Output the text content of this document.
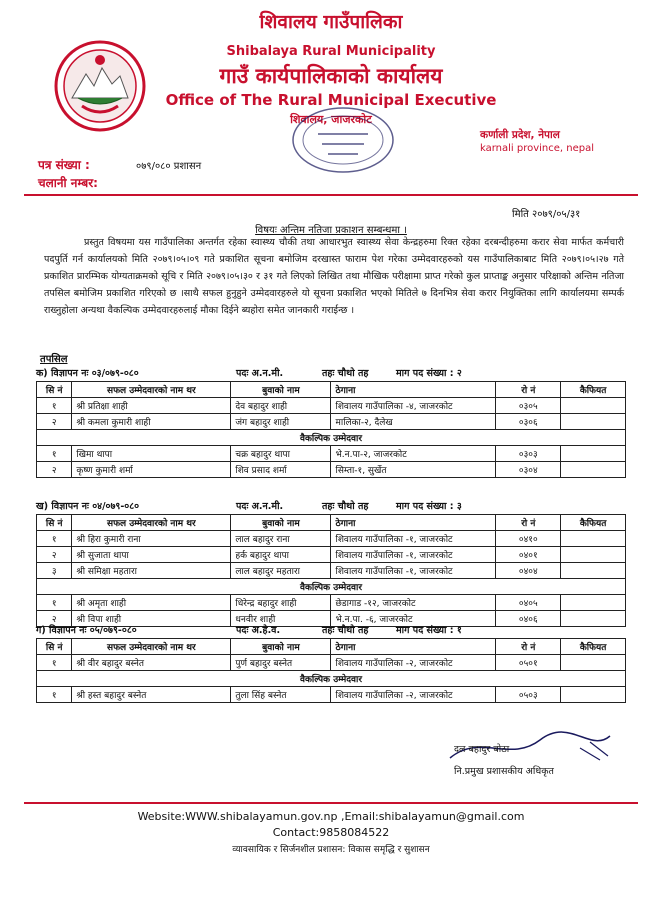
शिवालय गाउँपालिका
Shibalaya Rural Municipality
गाउँ कार्यपालिकाको कार्यालय
Office of The Rural Municipal Executive
शिवालय, जाजरकोट
कर्णाली प्रदेश, नेपाल
karnali province, nepal
पत्र संख्या :	०७९/०८० प्रशासन
चलानी नम्बर:
मिति २०७९/०५/३१
विषयः अन्तिम नतिजा प्रकाशन सम्बन्धमा ।
प्रस्तुत विषयमा यस गाउँपालिका अन्तर्गत रहेका स्वास्थ्य चौकी तथा आधारभुत स्वास्थ्य सेवा केन्द्रहरुमा रिक्त रहेका दरबन्दीहरुमा करार सेवा मार्फत कर्मचारी पदपुर्ति गर्न कार्यालयको मिति २०७९।०५।०९ गते प्रकाशित सूचना बमोजिम दरखास्त फाराम पेश गरेका उम्मेदवारहरुको यस गाउँपालिकाबाट मिति २०७९।०५।२७ गते प्रकाशित प्रारम्भिक योग्यताक्रमको सूचि र मिति २०७९।०५।३० र ३१ गते लिएको लिखित तथा मौखिक परीक्षामा प्राप्त गरेको कुल प्राप्ताङ्क अनुसार परिक्षाको अन्तिम नतिजा तपसिल बमोजिम प्रकाशित गरिएको छ ।साथै सफल हुनुहुने उम्मेदवारहरुले यो सूचना प्रकाशित भएको मितिले ७ दिनभित्र सेवा करार नियुक्तिका लागि कार्यालयमा सम्पर्क राख्नुहोला अन्यथा वैकल्पिक उम्मेदवारहरुलाई मौका दिईने ब्यहोरा समेत जानकारी गराईन्छ ।
तपसिल
क) विज्ञापन नः ०३/०७९-०८०	पदः अ.न.मी.	तहः चौथो तह	माग पद संख्या : २
सि नं	सफल उम्मेदवारको नाम थर	बुवाको नाम	ठेगाना	रो नं	कैफियत
१	श्री प्रतिक्षा शाही	देव बहादुर शाही	शिवालय गाउँपालिका -४, जाजरकोट	०३०५	
२	श्री कमला कुमारी शाही	जंग बहादुर शाही	मालिका-२, दैलेख	०३०६	
वैकल्पिक उम्मेदवार					
१	खिमा थापा	चक्र बहादुर थापा	भे.न.पा-२, जाजरकोट	०३०३	
२	कृष्ण कुमारी शर्मा	शिव प्रसाद शर्मा	सिम्ता-१, सुर्खेत	०३०४	
ख) विज्ञापन नः ०४/०७९-०८०	पदः अ.न.मी.	तहः चौथो तह	माग पद संख्या : ३
सि नं	सफल उम्मेदवारको नाम थर	बुवाको नाम	ठेगाना	रो नं	कैफियत
१	श्री हिरा कुमारी राना	लाल बहादुर राना	शिवालय गाउँपालिका -१, जाजरकोट	०४१०	
२	श्री सुजाता थापा	हर्क बहादुर थापा	शिवालय गाउँपालिका -१, जाजरकोट	०४०१	
३	श्री समिक्षा महतारा	लाल बहादुर महतारा	शिवालय गाउँपालिका -१, जाजरकोट	०४०४	
वैकल्पिक उम्मेदवार					
१	श्री अमृता शाही	धिरेन्द्र बहादुर शाही	छेडागाड -१२, जाजरकोट	०४०५	
२	श्री विपा शाही	धनवीर शाही	भे.न.पा. -६, जाजरकोट	०४०६	
ग) विज्ञापन नः ०५/०७९-०८०	पदः अ.हे.व.	तहः चौथो तह	माग पद संख्या : १
सि नं	सफल उम्मेदवारको नाम थर	बुवाको नाम	ठेगाना	रो नं	कैफियत
१	श्री वीर बहादुर बस्नेत	पुर्ण बहादुर बस्नेत	शिवालय गाउँपालिका -२, जाजरकोट	०५०१	
वैकल्पिक उम्मेदवार					
१	श्री हस्त बहादुर बस्नेत	तुला सिंह बस्नेत	शिवालय गाउँपालिका -२, जाजरकोट	०५०३	
दल बहादुर बोठा
नि.प्रमुख प्रशासकीय अधिकृत
Website:WWW.shibalayamun.gov.np ,Email:shibalayamun@gmail.com
Contact:9858084522
व्यावसायिक र सिर्जनशील प्रशासन: विकास समृद्धि र सुशासन
